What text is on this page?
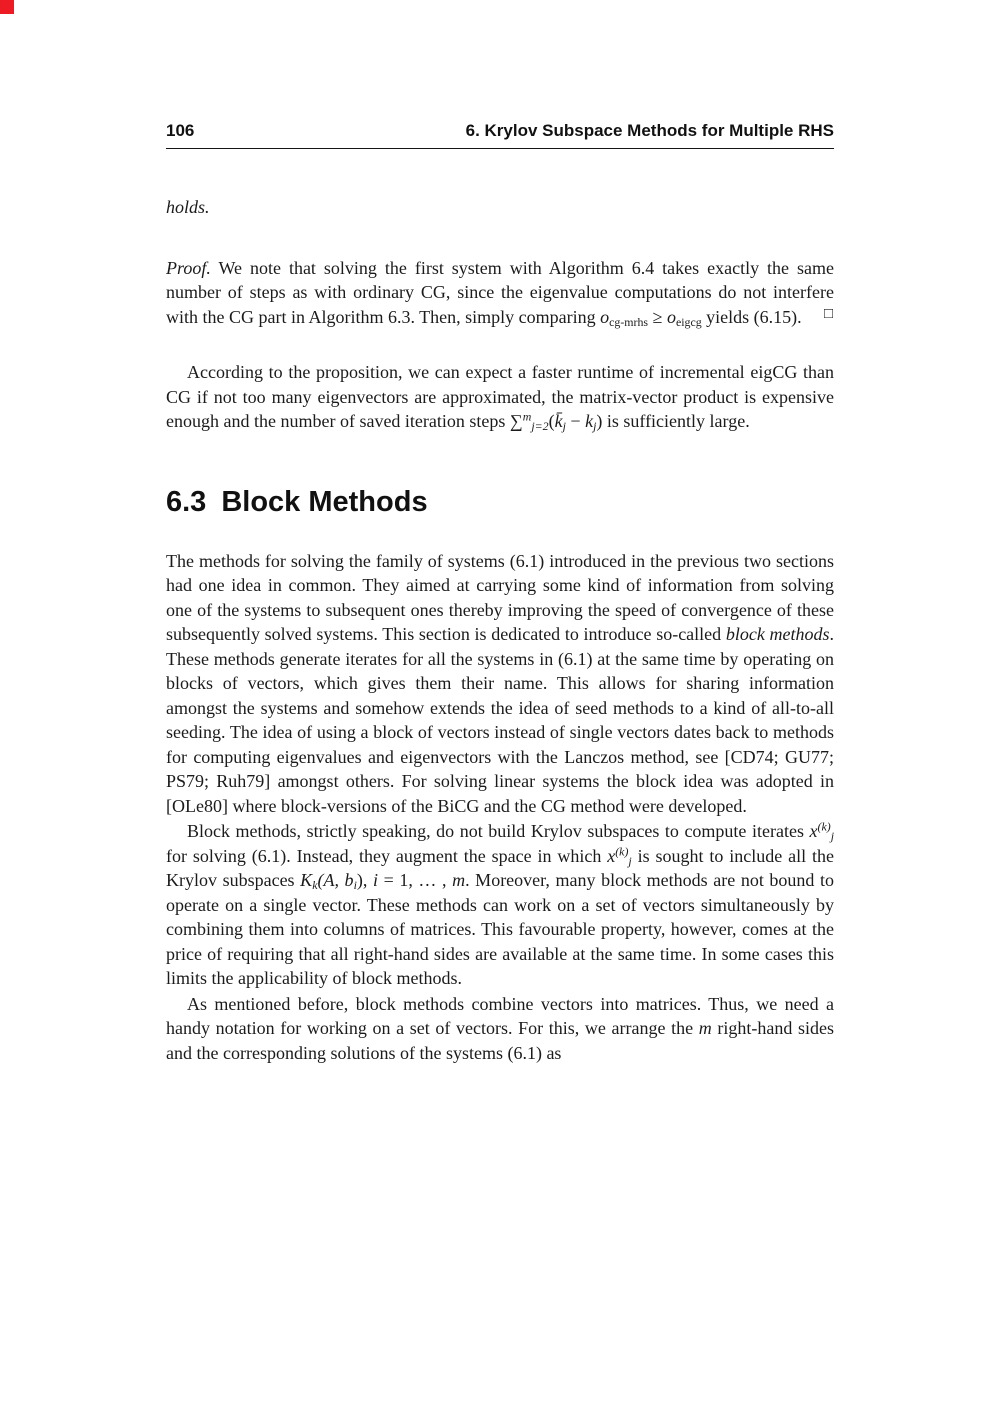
106	6. Krylov Subspace Methods for Multiple RHS

holds.

Proof. We note that solving the first system with Algorithm 6.4 takes exactly the same number of steps as with ordinary CG, since the eigenvalue computations do not interfere with the CG part in Algorithm 6.3. Then, simply comparing $o_{cg-mrhs} \ge o_{eigcg}$ yields (6.15). □

According to the proposition, we can expect a faster runtime of incremental eigCG than CG if not too many eigenvectors are approximated, the matrix-vector product is expensive enough and the number of saved iteration steps $\sum^m_{j=2}(k̄_j - k_j)$ is sufficiently large.

6.3 Block Methods

The methods for solving the family of systems (6.1) introduced in the previous two sections had one idea in common. They aimed at carrying some kind of information from solving one of the systems to subsequent ones thereby improving the speed of convergence of these subsequently solved systems. This section is dedicated to introduce so-called block methods. These methods generate iterates for all the systems in (6.1) at the same time by operating on blocks of vectors, which gives them their name. This allows for sharing information amongst the systems and somehow extends the idea of seed methods to a kind of all-to-all seeding. The idea of using a block of vectors instead of single vectors dates back to methods for computing eigenvalues and eigenvectors with the Lanczos method, see [CD74; GU77; PS79; Ruh79] amongst others. For solving linear systems the block idea was adopted in [OLe80] where block-versions of the BiCG and the CG method were developed.

Block methods, strictly speaking, do not build Krylov subspaces to compute iterates $x^{(k)}_j$ for solving (6.1). Instead, they augment the space in which $x^{(k)}_j$ is sought to include all the Krylov subspaces $K_k(A$, $b_i$), i = 1, … , m. Moreover, many block methods are not bound to operate on a single vector. These methods can work on a set of vectors simultaneously by combining them into columns of matrices. This favourable property, however, comes at the price of requiring that all right-hand sides are available at the same time. In some cases this limits the applicability of block methods.

As mentioned before, block methods combine vectors into matrices. Thus, we need a handy notation for working on a set of vectors. For this, we arrange the m right-hand sides and the corresponding solutions of the systems (6.1) as
